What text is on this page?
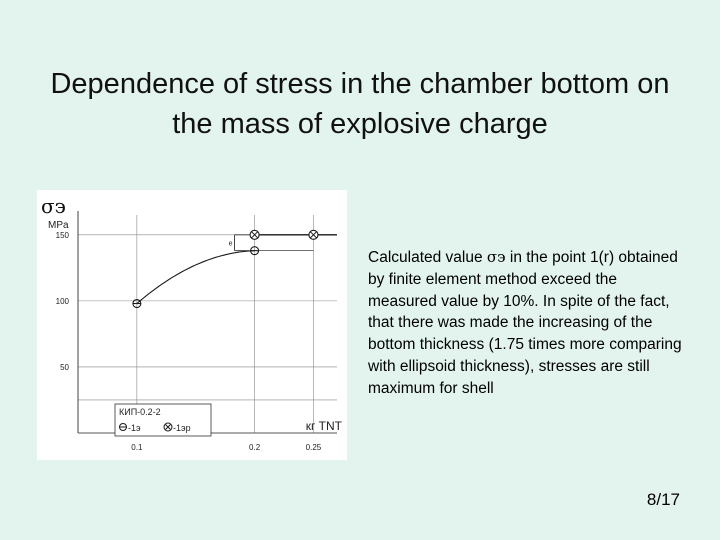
Dependence of stress in the chamber bottom on the mass of explosive charge
150
100
50
0.1	0.2	0.25
σэ
MPa
кг TNT
е
КИП-0.2-2
-1э	-1эр
Calculated value σэ in the point 1(r) obtained by finite element method exceed the measured value by 10%. In spite of the fact, that there was made the increasing of the bottom thickness (1.75 times more comparing with ellipsoid thickness), stresses are still maximum for shell
8/17
